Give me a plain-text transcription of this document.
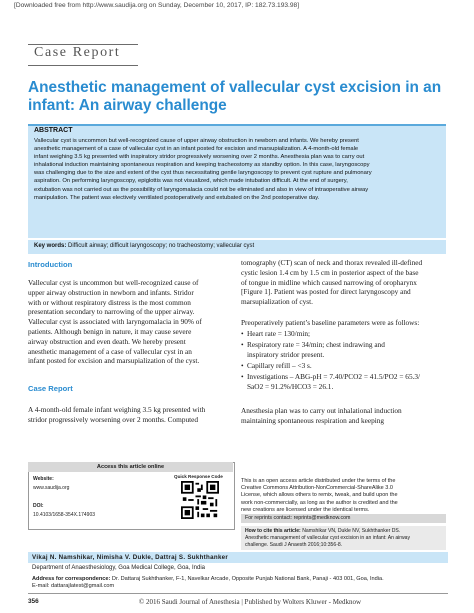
[Downloaded free from http://www.saudija.org on Sunday, December 10, 2017, IP: 182.73.193.98]
Case Report
Anesthetic management of vallecular cyst excision in an infant: An airway challenge
ABSTRACT
Vallecular cyst is uncommon but well-recognized cause of upper airway obstruction in newborn and infants. We hereby present
anesthetic management of a case of vallecular cyst in an infant posted for excision and marsupialization. A 4-month-old female
infant weighing 3.5 kg presented with inspiratory stridor progressively worsening over 2 months. Anesthesia plan was to carry out
inhalational induction maintaining spontaneous respiration and keeping tracheostomy as standby option. In this case, laryngoscopy
was challenging due to the size and extent of the cyst thus necessitating gentle laryngoscopy to prevent cyst rupture and pulmonary
aspiration. On performing laryngoscopy, epiglottis was not visualized, which made intubation difficult. At the end of surgery,
extubation was not carried out as the possibility of laryngomalacia could not be eliminated and also in view of intraoperative airway
manipulation. The patient was electively ventilated postoperatively and extubated on the 2nd postoperative day.
Key words: Difficult airway; difficult laryngoscopy; no tracheostomy; vallecular cyst
Introduction
Vallecular cyst is uncommon but well-recognized cause of
upper airway obstruction in newborn and infants. Stridor
with or without respiratory distress is the most common
presentation secondary to narrowing of the upper airway.
Vallecular cyst is associated with laryngomalacia in 90% of
patients. Although benign in nature, it may cause severe
airway obstruction and even death. We hereby present
anesthetic management of a case of vallecular cyst in an
infant posted for excision and marsupialization of the cyst.
Case Report
A 4-month-old female infant weighing 3.5 kg presented with
stridor progressively worsening over 2 months. Computed
Access this article online
Website:
www.saudija.org
DOI:
10.4103/1658-354X.174903
Quick Response Code
tomography (CT) scan of neck and thorax revealed ill-defined
cystic lesion 1.4 cm by 1.5 cm in posterior aspect of the base
of tongue in midline which caused narrowing of oropharynx
[Figure 1]. Patient was posted for direct laryngoscopy and
marsupialization of cyst.
Preoperatively patient’s baseline parameters were as follows:
• Heart rate = 130/min;
• Respiratory rate = 34/min; chest indrawing and
inspiratory stridor present.
• Capillary refill – <3 s.
• Investigations – ABG-pH = 7.40/PCO2 = 41.5/PO2 = 65.3/
SaO2 = 91.2%/HCO3 = 26.1.
Anesthesia plan was to carry out inhalational induction
maintaining spontaneous respiration and keeping
This is an open access article distributed under the terms of the
Creative Commons Attribution-NonCommercial-ShareAlike 3.0
License, which allows others to remix, tweak, and build upon the
work non-commercially, as long as the author is credited and the
new creations are licensed under the identical terms.
For reprints contact: reprints@medknow.com
How to cite this article: Namshikar VN, Dukle NV, Sukhthanker DS.
Anesthetic management of vallecular cyst excision in an infant: An airway
challenge. Saudi J Anaesth 2016;10:356-8.
Vikaj N. Namshikar, Nimisha V. Dukle, Dattraj S. Sukhthanker
Department of Anaesthesiology, Goa Medical College, Goa, India
Address for correspondence: Dr. Dattaraj Sukhthanker, F-1, Navelkar Arcade, Opposite Punjab National Bank, Panaji - 403 001, Goa, India.
E-mail: dattarajlatest@gmail.com
356	© 2016 Saudi Journal of Anesthesia | Published by Wolters Kluwer - Medknow
